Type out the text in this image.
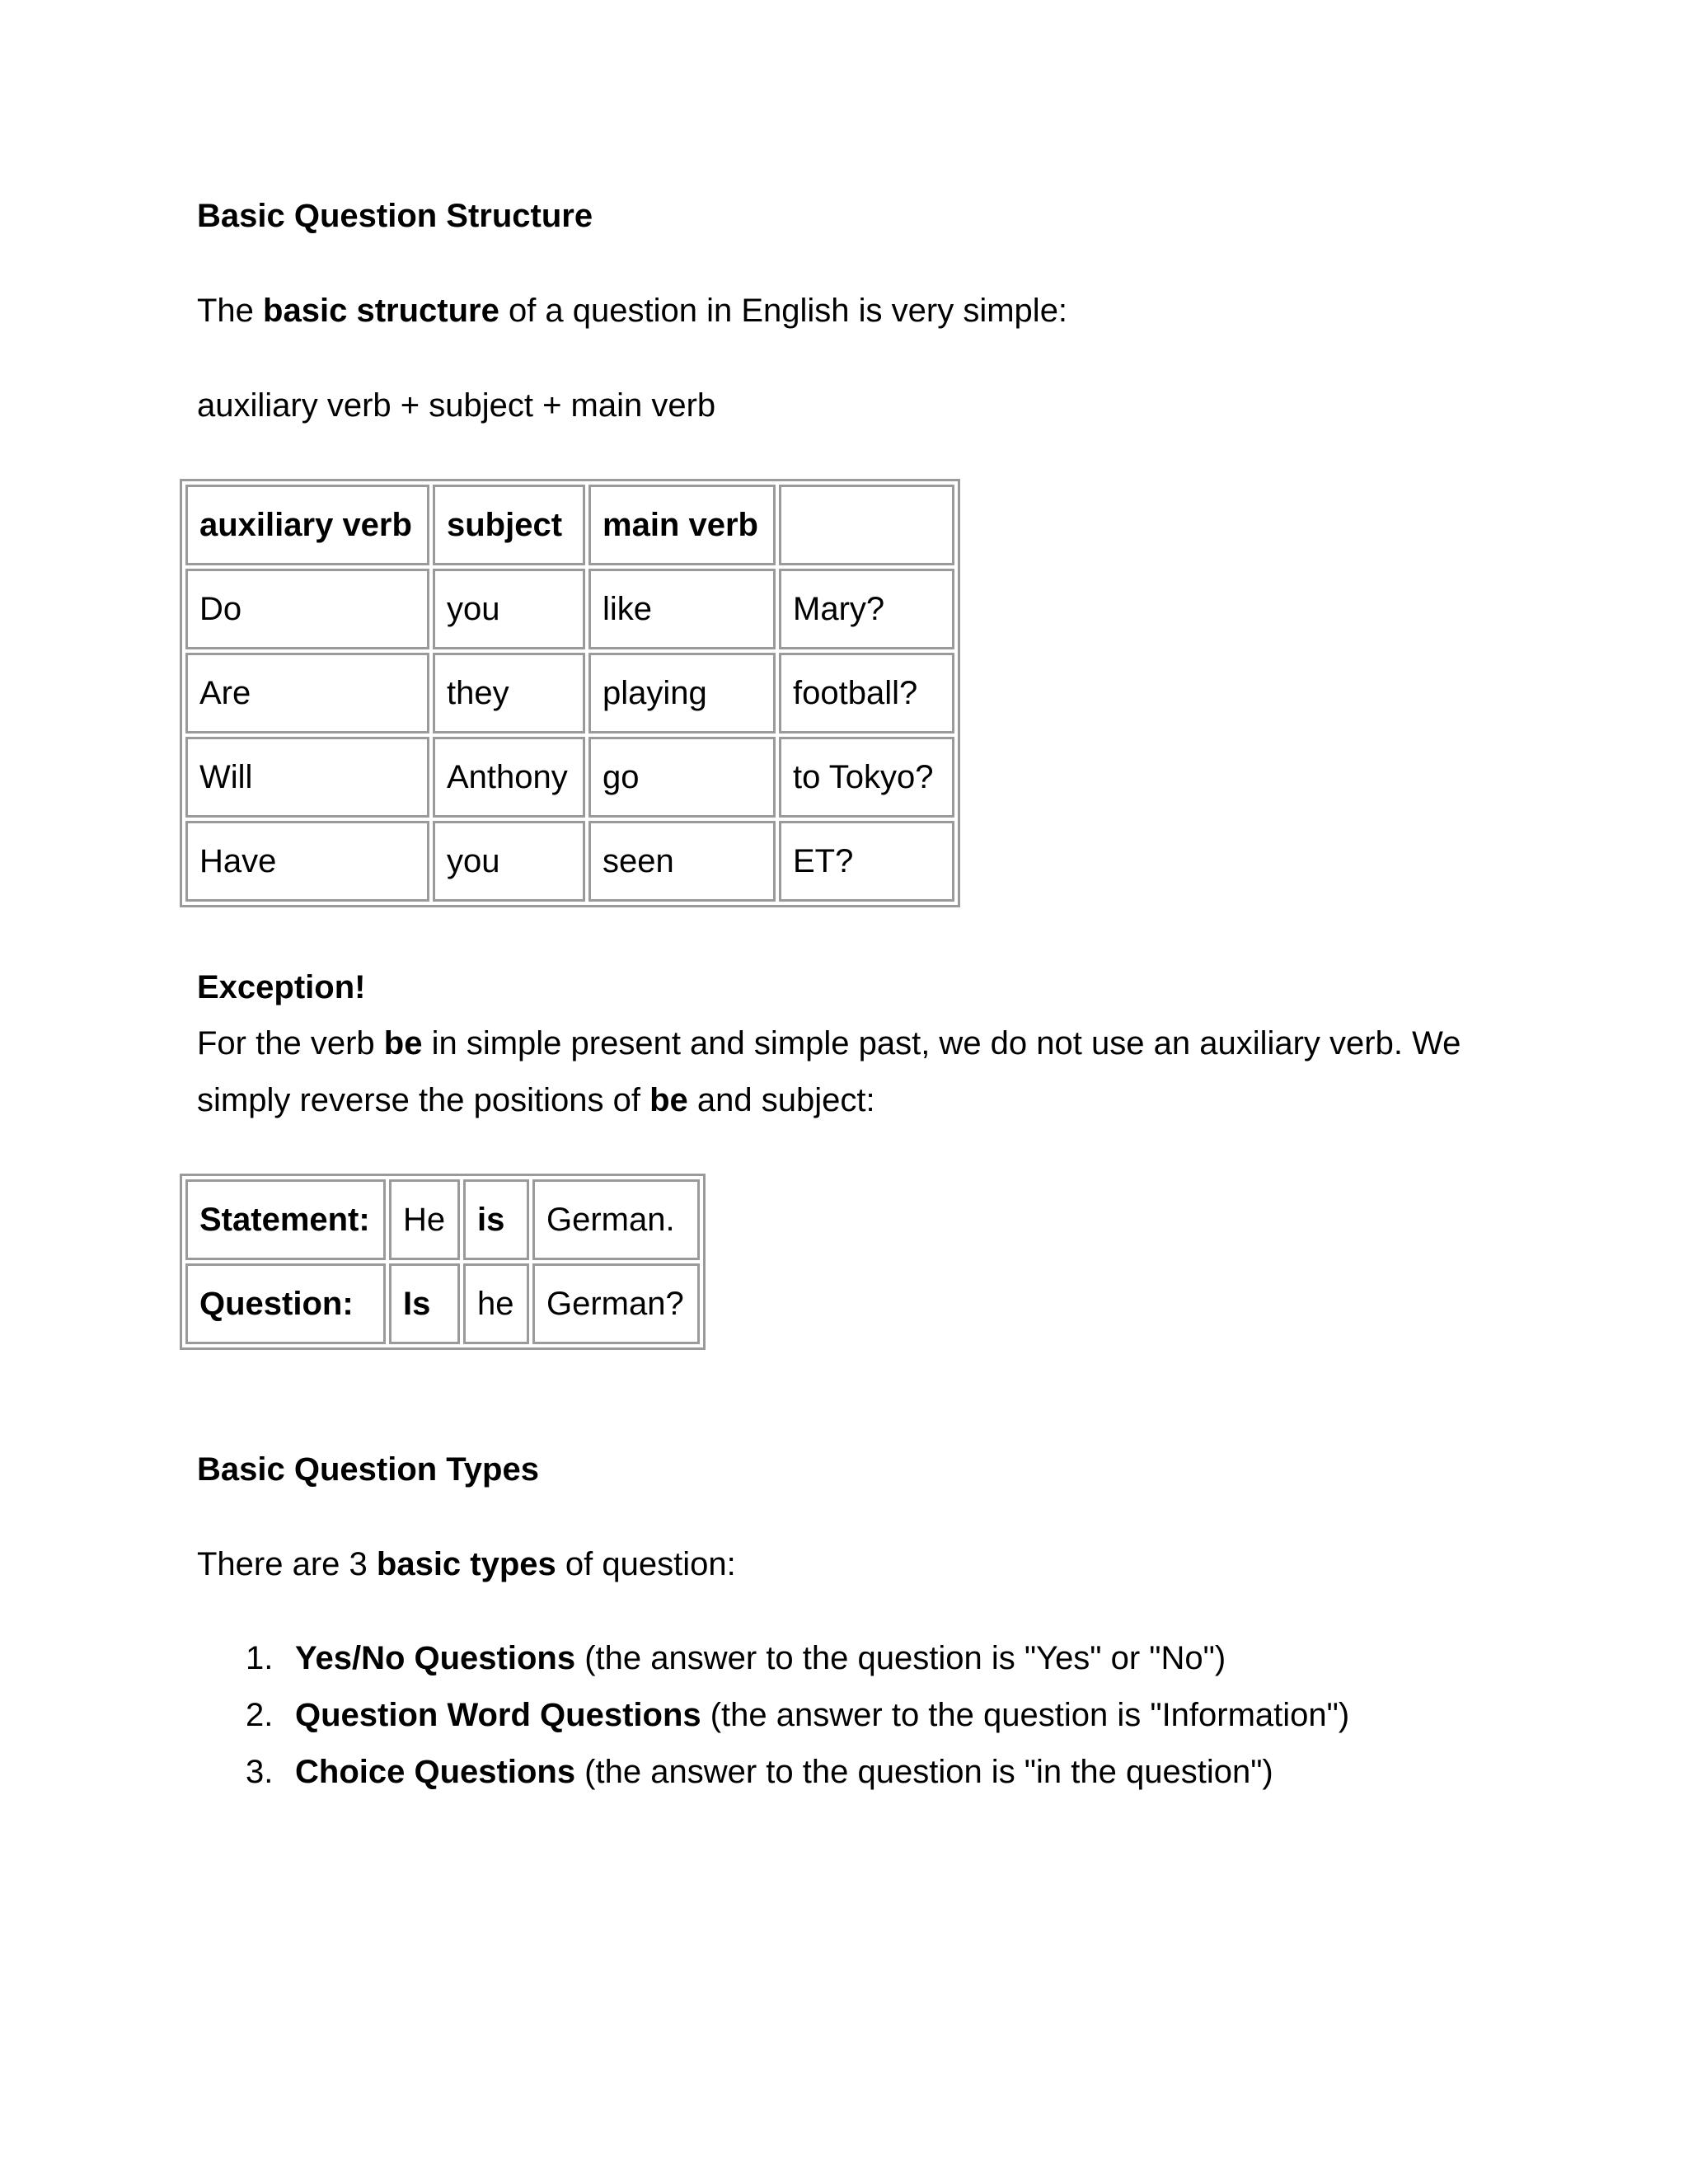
Basic Question Structure
The basic structure of a question in English is very simple:
auxiliary verb + subject + main verb
auxiliary verb	subject	main verb	
Do	you	like	Mary?
Are	they	playing	football?
Will	Anthony	go	to Tokyo?
Have	you	seen	ET?
Exception!
For the verb be in simple present and simple past, we do not use an auxiliary verb. We
simply reverse the positions of be and subject:
Statement:	He	is	German.
Question:	Is	he	German?
Basic Question Types
There are 3 basic types of question:
1. Yes/No Questions (the answer to the question is "Yes" or "No")
2. Question Word Questions (the answer to the question is "Information")
3. Choice Questions (the answer to the question is "in the question")
